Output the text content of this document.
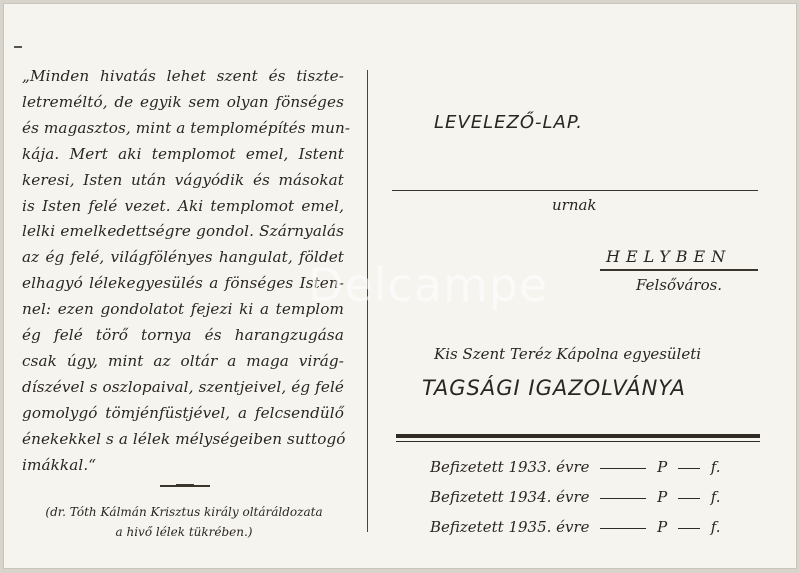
„Minden hivatás lehet szent és tiszte-
letreméltó, de egyik sem olyan fönséges
és magasztos, mint a templomépítés mun-
kája. Mert aki templomot emel, Istent
keresi, Isten után vágyódik és másokat
is Isten felé vezet. Aki templomot emel,
lelki emelkedettségre gondol. Szárnyalás
az ég felé, világfölényes hangulat, földet
elhagyó lélekegyesülés a fönséges Isten-
nel: ezen gondolatot fejezi ki a templom
ég felé törő tornya és harangzugása
csak úgy, mint az oltár a maga virág-
díszével s oszlopaival, szentjeivel, ég felé
gomolygó tömjénfüstjével, a felcsendülő
énekekkel s a lélek mélységeiben suttogó
imákkal.“
(dr. Tóth Kálmán Krisztus király oltáráldozata
a hivő lélek tükrében.)
LEVELEZŐ-LAP.
urnak
HELYBEN
Felsőváros.
Kis Szent Teréz Kápolna egyesületi
TAGSÁGI IGAZOLVÁNYA
Befizetett 1933. évre	P	f.
Befizetett 1934. évre	P	f.
Befizetett 1935. évre	P	f.
Delcampe
